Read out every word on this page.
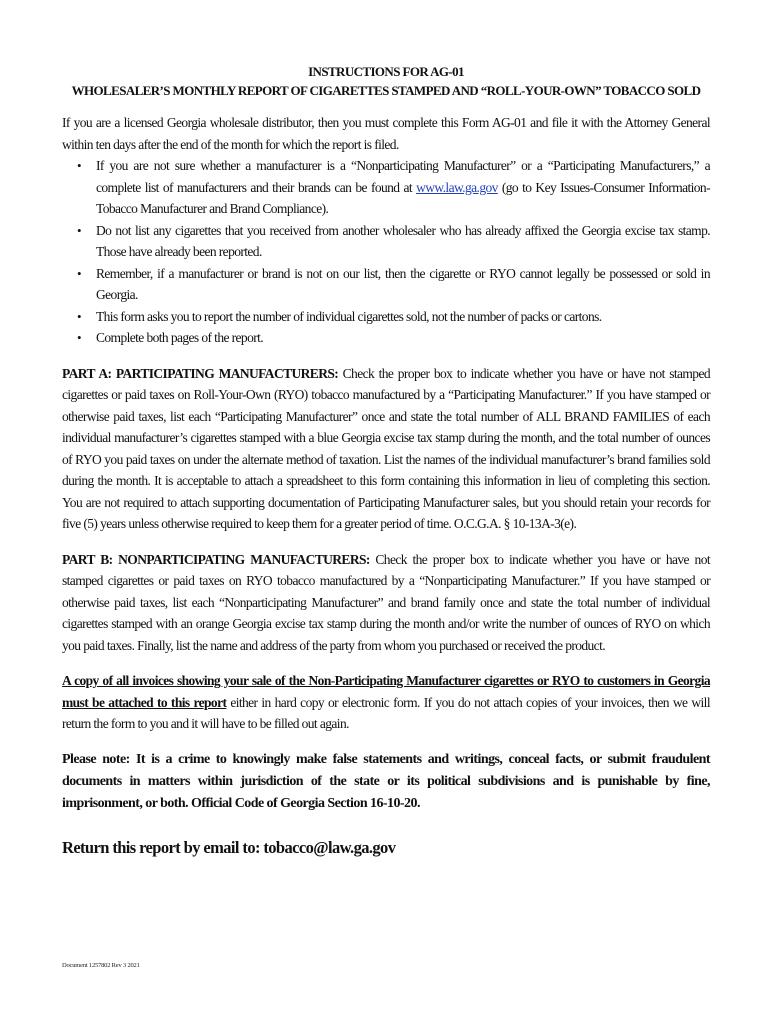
INSTRUCTIONS FOR AG-01
WHOLESALER’S MONTHLY REPORT OF CIGARETTES STAMPED AND “ROLL-YOUR-OWN” TOBACCO SOLD

If you are a licensed Georgia wholesale distributor, then you must complete this Form AG-01 and file it with the Attorney General within ten days after the end of the month for which the report is filed.

• If you are not sure whether a manufacturer is a “Nonparticipating Manufacturer” or a “Participating Manufacturers,” a complete list of manufacturers and their brands can be found at www.law.ga.gov (go to Key Issues-Consumer Information-Tobacco Manufacturer and Brand Compliance).
• Do not list any cigarettes that you received from another wholesaler who has already affixed the Georgia excise tax stamp. Those have already been reported.
• Remember, if a manufacturer or brand is not on our list, then the cigarette or RYO cannot legally be possessed or sold in Georgia.
• This form asks you to report the number of individual cigarettes sold, not the number of packs or cartons.
• Complete both pages of the report.

PART A: PARTICIPATING MANUFACTURERS: Check the proper box to indicate whether you have or have not stamped cigarettes or paid taxes on Roll-Your-Own (RYO) tobacco manufactured by a “Participating Manufacturer.” If you have stamped or otherwise paid taxes, list each “Participating Manufacturer” once and state the total number of ALL BRAND FAMILIES of each individual manufacturer’s cigarettes stamped with a blue Georgia excise tax stamp during the month, and the total number of ounces of RYO you paid taxes on under the alternate method of taxation. List the names of the individual manufacturer’s brand families sold during the month. It is acceptable to attach a spreadsheet to this form containing this information in lieu of completing this section. You are not required to attach supporting documentation of Participating Manufacturer sales, but you should retain your records for five (5) years unless otherwise required to keep them for a greater period of time. O.C.G.A. § 10-13A-3(e).

PART B: NONPARTICIPATING MANUFACTURERS: Check the proper box to indicate whether you have or have not stamped cigarettes or paid taxes on RYO tobacco manufactured by a “Nonparticipating Manufacturer.” If you have stamped or otherwise paid taxes, list each “Nonparticipating Manufacturer” and brand family once and state the total number of individual cigarettes stamped with an orange Georgia excise tax stamp during the month and/or write the number of ounces of RYO on which you paid taxes. Finally, list the name and address of the party from whom you purchased or received the product.

A copy of all invoices showing your sale of the Non-Participating Manufacturer cigarettes or RYO to customers in Georgia must be attached to this report either in hard copy or electronic form. If you do not attach copies of your invoices, then we will return the form to you and it will have to be filled out again.

Please note: It is a crime to knowingly make false statements and writings, conceal facts, or submit fraudulent documents in matters within jurisdiction of the state or its political subdivisions and is punishable by fine, imprisonment, or both. Official Code of Georgia Section 16-10-20.

Return this report by email to: tobacco@law.ga.gov
Document 1257802 Rev 3 2021
